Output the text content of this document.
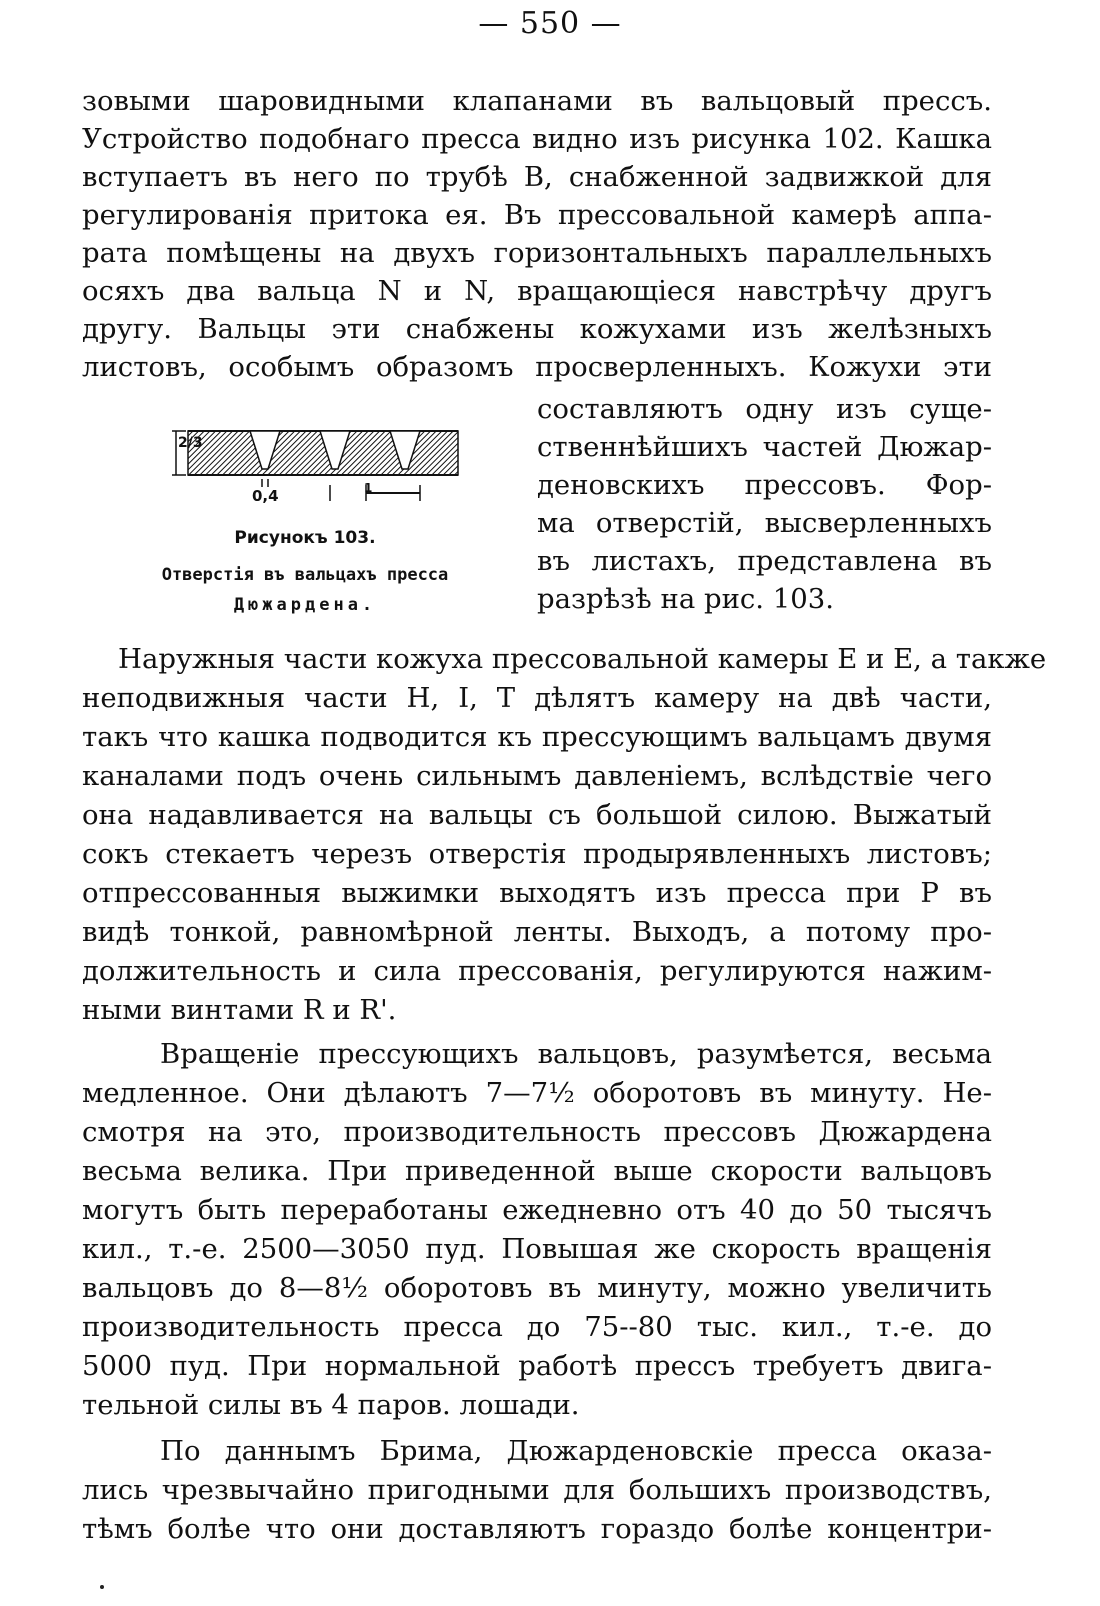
— 550 —
зовыми шаровидными клапанами въ вальцовый прессъ.
Устройство подобнаго пресса видно изъ рисунка 102. Кашка
вступаетъ въ него по трубѣ В, снабженной задвижкой для
регулированія притока ея. Въ прессовальной камерѣ аппа-
рата помѣщены на двухъ горизонтальныхъ параллельныхъ
осяхъ два вальца N и N, вращающіеся навстрѣчу другъ
другу. Вальцы эти снабжены кожухами изъ желѣзныхъ
листовъ, особымъ образомъ просверленныхъ. Кожухи эти
составляютъ одну изъ суще-
ственнѣйшихъ частей Дюжар-
деновскихъ прессовъ. Фор-
ма отверстій, высверленныхъ
въ листахъ, представлена въ
разрѣзѣ на рис. 103.
2/3
0,4	1
Рисунокъ 103.
Отверстія въ вальцахъ пресса
Дюжардена.
Наружныя части кожуха прессовальной камеры Е и Е, а также
неподвижныя части Н, I, Т дѣлятъ камеру на двѣ части,
такъ что кашка подводится къ прессующимъ вальцамъ двумя
каналами подъ очень сильнымъ давленіемъ, вслѣдствіе чего
она надавливается на вальцы съ большой силою. Выжатый
сокъ стекаетъ черезъ отверстія продырявленныхъ листовъ;
отпрессованныя выжимки выходятъ изъ пресса при Р въ
видѣ тонкой, равномѣрной ленты. Выходъ, а потому про-
должительность и сила прессованія, регулируются нажим-
ными винтами R и R'.
Вращеніе прессующихъ вальцовъ, разумѣется, весьма
медленное. Они дѣлаютъ 7—7½ оборотовъ въ минуту. Не-
смотря на это, производительность прессовъ Дюжардена
весьма велика. При приведенной выше скорости вальцовъ
могутъ быть переработаны ежедневно отъ 40 до 50 тысячъ
кил., т.-е. 2500—3050 пуд. Повышая же скорость вращенія
вальцовъ до 8—8½ оборотовъ въ минуту, можно увеличить
производительность пресса до 75--80 тыс. кил., т.-е. до
5000 пуд. При нормальной работѣ прессъ требуетъ двига-
тельной силы въ 4 паров. лошади.
По даннымъ Брима, Дюжарденовскіе пресса оказа-
лись чрезвычайно пригодными для большихъ производствъ,
тѣмъ болѣе что они доставляютъ гораздо болѣе концентри-
